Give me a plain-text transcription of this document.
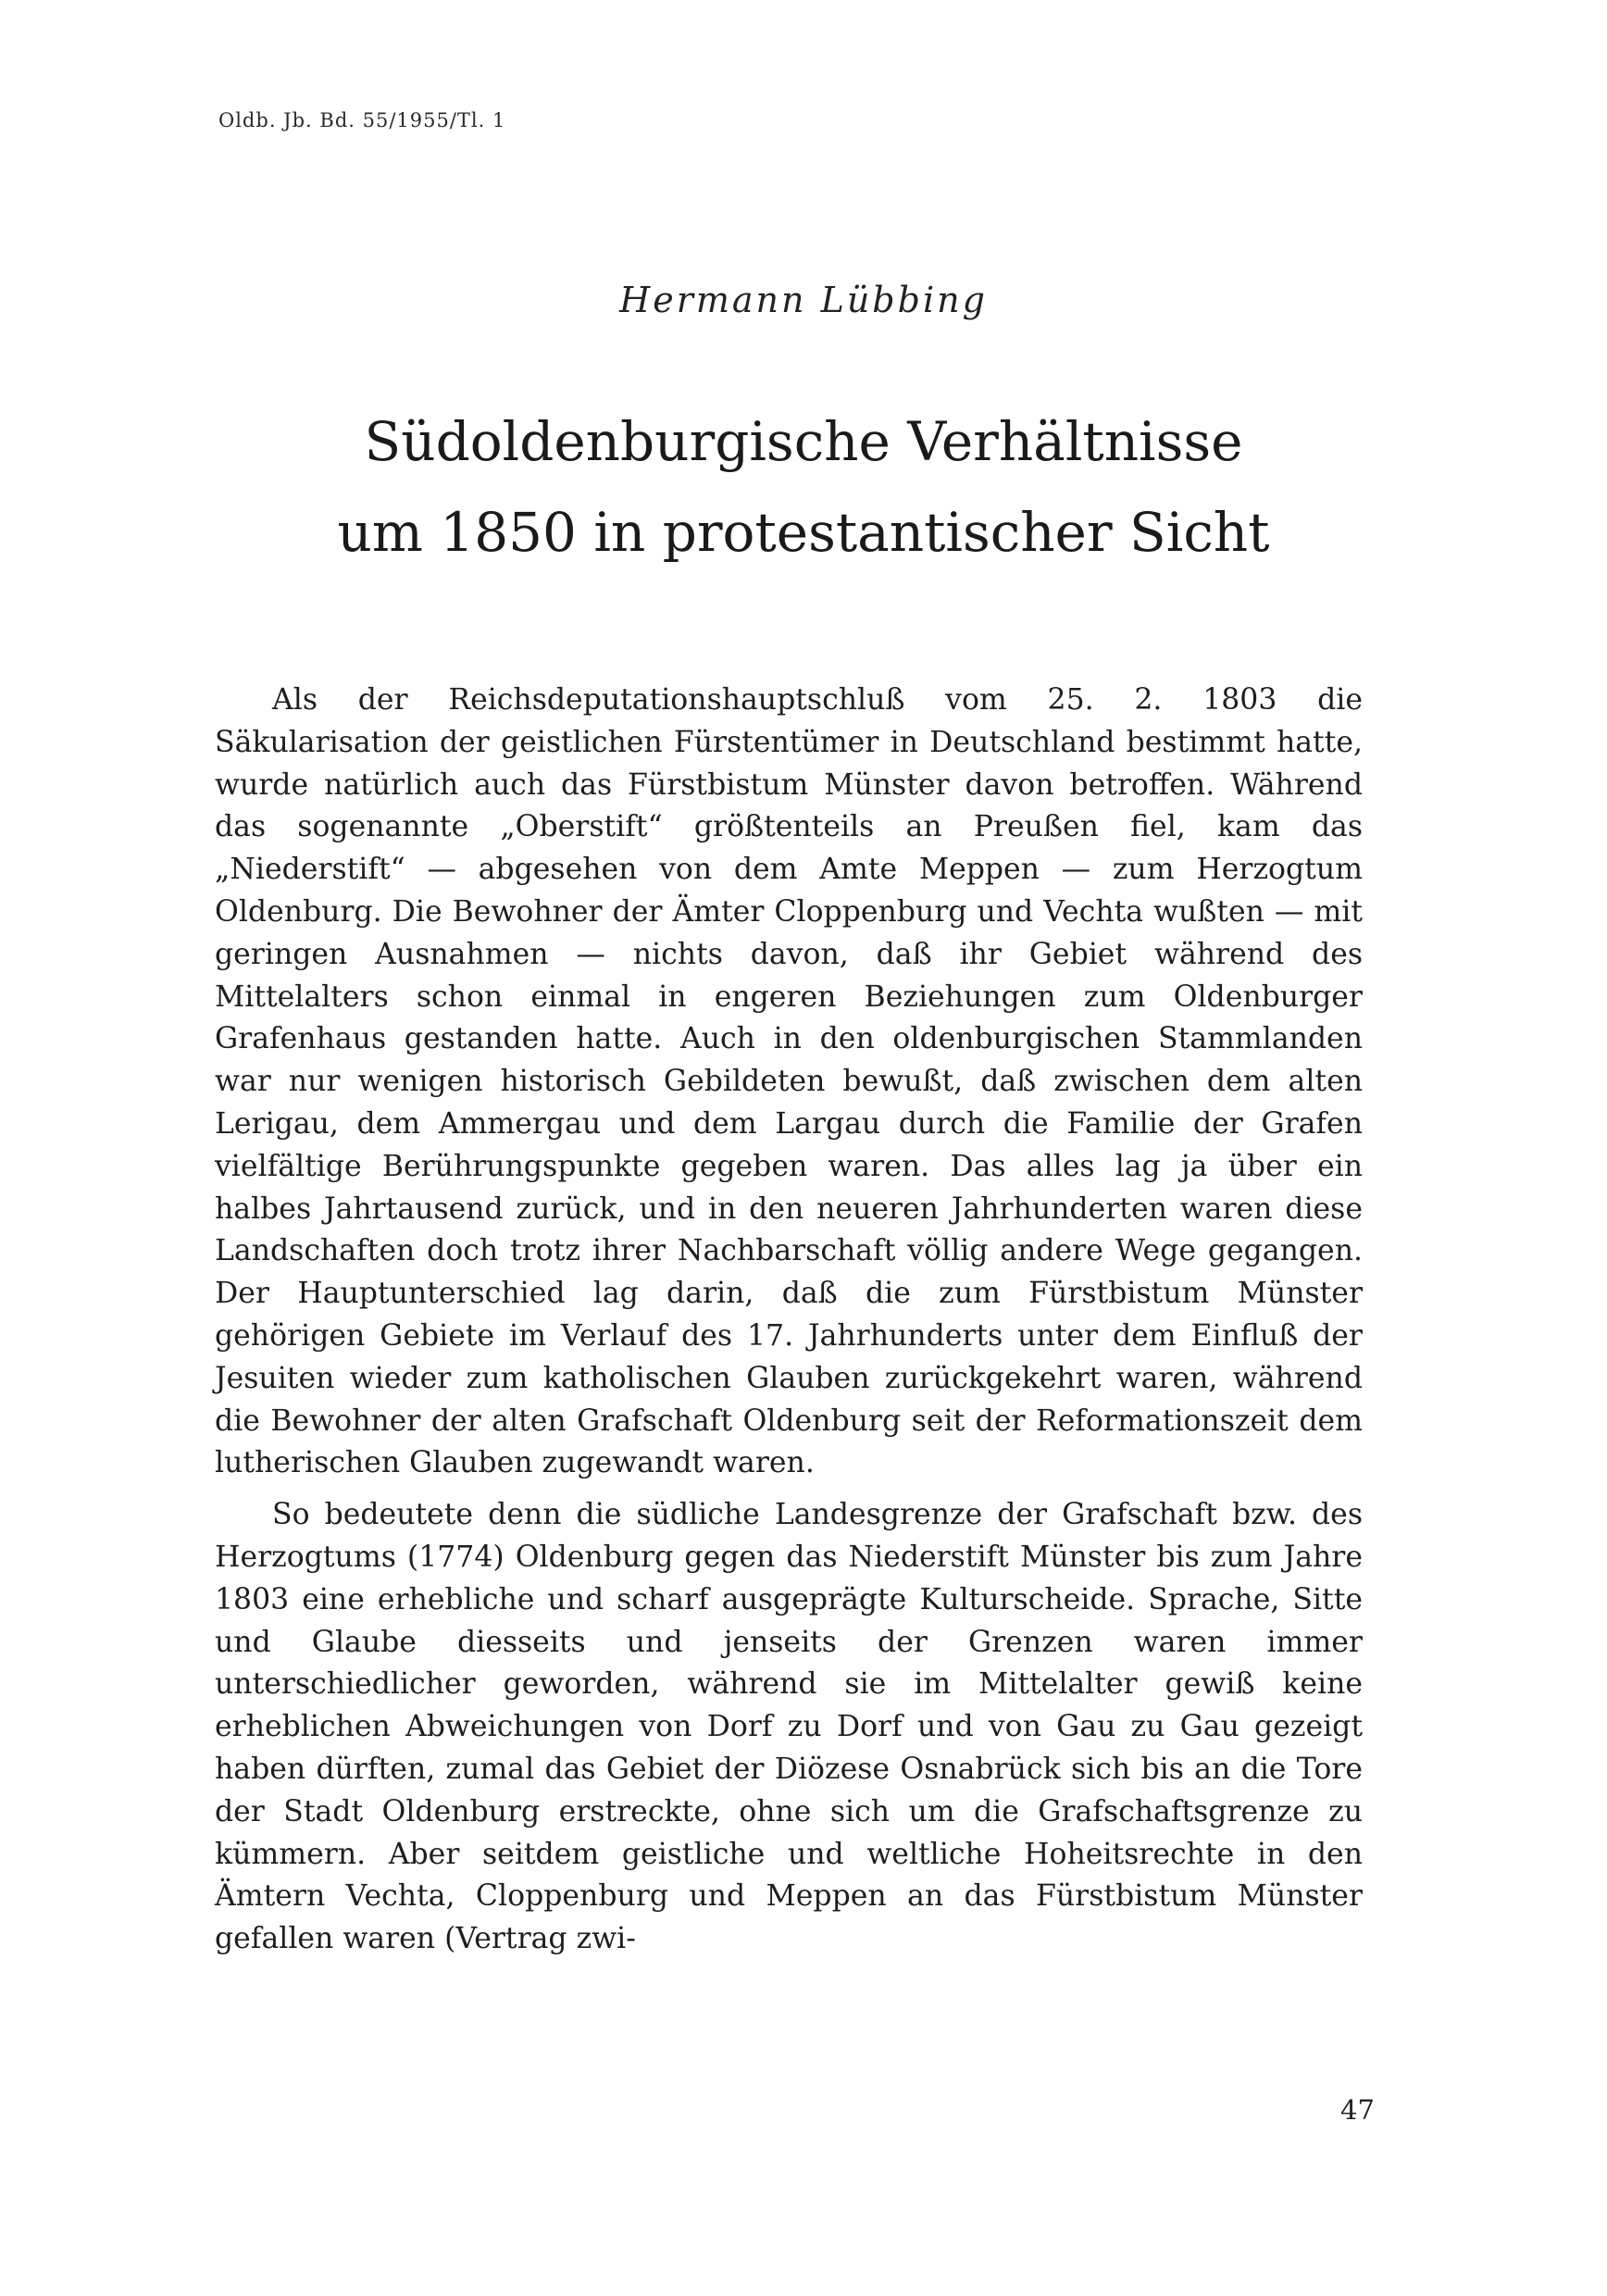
Oldb. Jb. Bd. 55/1955/Tl. 1
Hermann Lübbing
Südoldenburgische Verhältnisse
um 1850 in protestantischer Sicht

Als der Reichsdeputationshauptschluß vom 25. 2. 1803 die Säkularisation der geistlichen Fürstentümer in Deutschland bestimmt hatte, wurde natürlich auch das Fürstbistum Münster davon betroffen. Während das sogenannte „Oberstift“ größtenteils an Preußen fiel, kam das „Niederstift“ — abgesehen von dem Amte Meppen — zum Herzogtum Oldenburg. Die Bewohner der Ämter Cloppenburg und Vechta wußten — mit geringen Ausnahmen — nichts davon, daß ihr Gebiet während des Mittelalters schon einmal in engeren Beziehungen zum Oldenburger Grafenhaus gestanden hatte. Auch in den oldenburgischen Stammlanden war nur wenigen historisch Gebildeten bewußt, daß zwischen dem alten Lerigau, dem Ammergau und dem Largau durch die Familie der Grafen vielfältige Berührungspunkte gegeben waren. Das alles lag ja über ein halbes Jahrtausend zurück, und in den neueren Jahrhunderten waren diese Landschaften doch trotz ihrer Nachbarschaft völlig andere Wege gegangen. Der Hauptunterschied lag darin, daß die zum Fürstbistum Münster gehörigen Gebiete im Verlauf des 17. Jahrhunderts unter dem Einfluß der Jesuiten wieder zum katholischen Glauben zurückgekehrt waren, während die Bewohner der alten Grafschaft Oldenburg seit der Reformationszeit dem lutherischen Glauben zugewandt waren.

So bedeutete denn die südliche Landesgrenze der Grafschaft bzw. des Herzogtums (1774) Oldenburg gegen das Niederstift Münster bis zum Jahre 1803 eine erhebliche und scharf ausgeprägte Kulturscheide. Sprache, Sitte und Glaube diesseits und jenseits der Grenzen waren immer unterschiedlicher geworden, während sie im Mittelalter gewiß keine erheblichen Abweichungen von Dorf zu Dorf und von Gau zu Gau gezeigt haben dürften, zumal das Gebiet der Diözese Osnabrück sich bis an die Tore der Stadt Oldenburg erstreckte, ohne sich um die Grafschaftsgrenze zu kümmern. Aber seitdem geistliche und weltliche Hoheitsrechte in den Ämtern Vechta, Cloppenburg und Meppen an das Fürstbistum Münster gefallen waren (Vertrag zwi-

47
